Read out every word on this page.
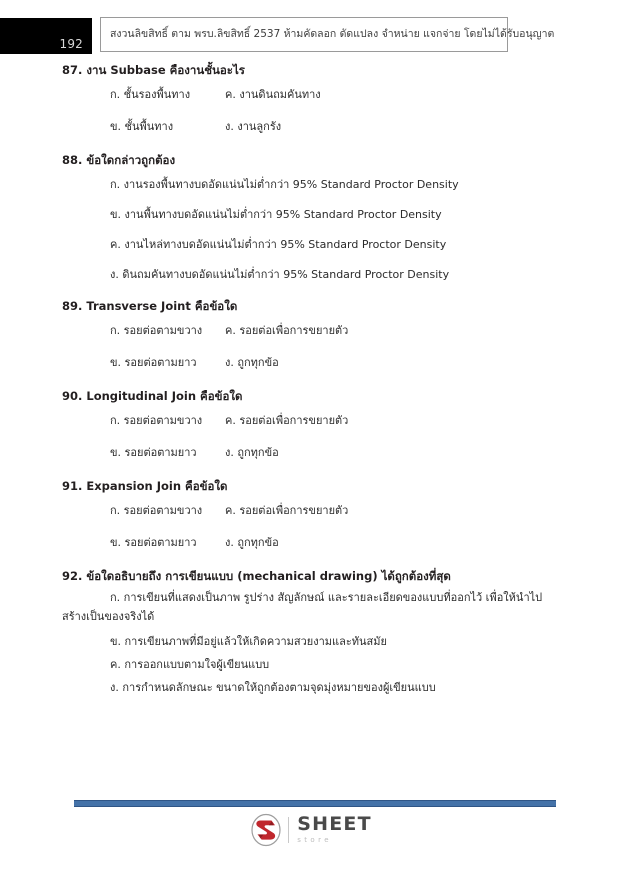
192
สงวนลิขสิทธิ์ ตาม พรบ.ลิขสิทธิ์ 2537 ห้ามคัดลอก ดัดแปลง จำหน่าย แจกจ่าย โดยไม่ได้รับอนุญาต
87. งาน Subbase คืองานชั้นอะไร
ก. ชั้นรองพื้นทาง	ค. งานดินถมคันทาง
ข. ชั้นพื้นทาง	ง. งานลูกรัง
88. ข้อใดกล่าวถูกต้อง
ก. งานรองพื้นทางบดอัดแน่นไม่ต่ำกว่า 95% Standard Proctor Density
ข. งานพื้นทางบดอัดแน่นไม่ต่ำกว่า 95% Standard Proctor Density
ค. งานไหล่ทางบดอัดแน่นไม่ต่ำกว่า 95% Standard Proctor Density
ง. ดินถมคันทางบดอัดแน่นไม่ต่ำกว่า 95% Standard Proctor Density
89. Transverse Joint คือข้อใด
ก. รอยต่อตามขวาง	ค. รอยต่อเพื่อการขยายตัว
ข. รอยต่อตามยาว	ง. ถูกทุกข้อ
90. Longitudinal Join คือข้อใด
ก. รอยต่อตามขวาง	ค. รอยต่อเพื่อการขยายตัว
ข. รอยต่อตามยาว	ง. ถูกทุกข้อ
91. Expansion Join คือข้อใด
ก. รอยต่อตามขวาง	ค. รอยต่อเพื่อการขยายตัว
ข. รอยต่อตามยาว	ง. ถูกทุกข้อ
92. ข้อใดอธิบายถึง การเขียนแบบ (mechanical drawing) ได้ถูกต้องที่สุด
ก. การเขียนที่แสดงเป็นภาพ รูปร่าง สัญลักษณ์ และรายละเอียดของแบบที่ออกไว้ เพื่อให้นำไป
สร้างเป็นของจริงได้
ข. การเขียนภาพที่มีอยู่แล้วให้เกิดความสวยงามและทันสมัย
ค. การออกแบบตามใจผู้เขียนแบบ
ง. การกำหนดลักษณะ ขนาดให้ถูกต้องตามจุดมุ่งหมายของผู้เขียนแบบ
SHEET
store
